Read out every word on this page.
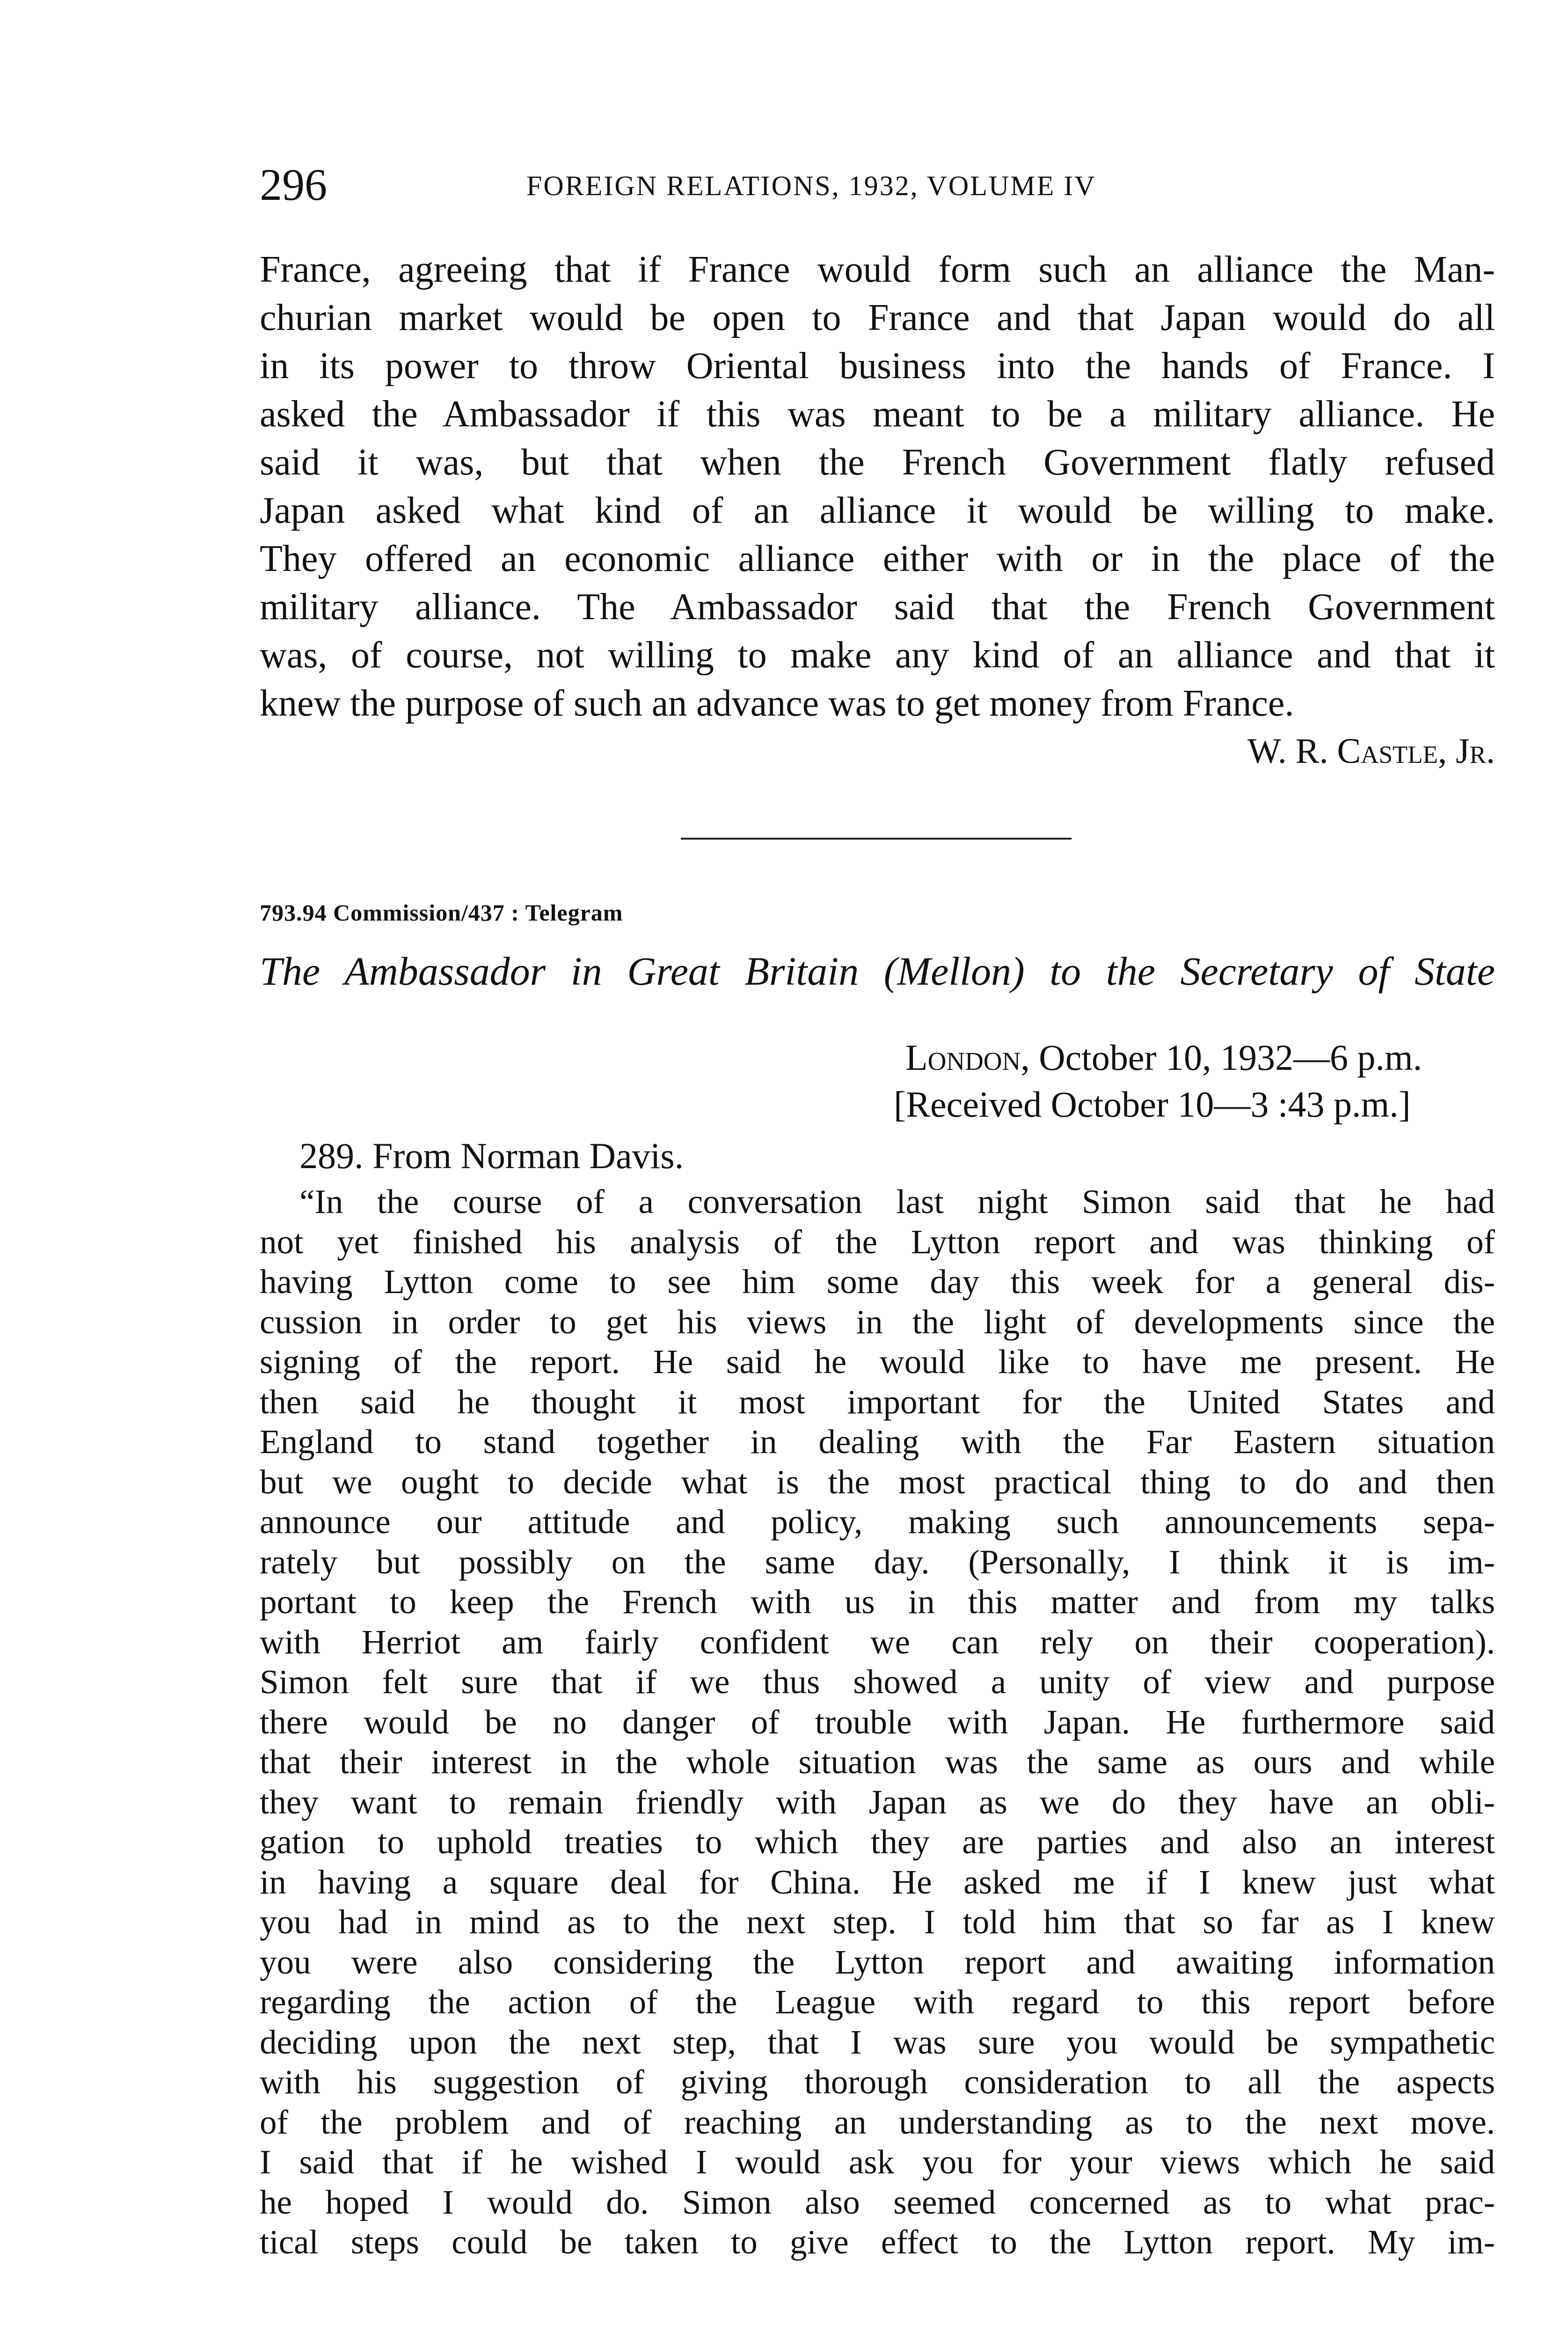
296	FOREIGN RELATIONS, 1932, VOLUME IV
France, agreeing that if France would form such an alliance the Man-
churian market would be open to France and that Japan would do all
in its power to throw Oriental business into the hands of France. I
asked the Ambassador if this was meant to be a military alliance. He
said it was, but that when the French Government flatly refused
Japan asked what kind of an alliance it would be willing to make.
They offered an economic alliance either with or in the place of the
military alliance. The Ambassador said that the French Government
was, of course, not willing to make any kind of an alliance and that it
knew the purpose of such an advance was to get money from France.
W. R. Castle, Jr.
793.94 Commission/437 : Telegram
The Ambassador in Great Britain (Mellon) to the Secretary of State
London, October 10, 1932—6 p.m.
[Received October 10—3 :43 p.m.]
289. From Norman Davis.
“In the course of a conversation last night Simon said that he had
not yet finished his analysis of the Lytton report and was thinking of
having Lytton come to see him some day this week for a general dis-
cussion in order to get his views in the light of developments since the
signing of the report. He said he would like to have me present. He
then said he thought it most important for the United States and
England to stand together in dealing with the Far Eastern situation
but we ought to decide what is the most practical thing to do and then
announce our attitude and policy, making such announcements sepa-
rately but possibly on the same day. (Personally, I think it is im-
portant to keep the French with us in this matter and from my talks
with Herriot am fairly confident we can rely on their cooperation).
Simon felt sure that if we thus showed a unity of view and purpose
there would be no danger of trouble with Japan. He furthermore said
that their interest in the whole situation was the same as ours and while
they want to remain friendly with Japan as we do they have an obli-
gation to uphold treaties to which they are parties and also an interest
in having a square deal for China. He asked me if I knew just what
you had in mind as to the next step. I told him that so far as I knew
you were also considering the Lytton report and awaiting information
regarding the action of the League with regard to this report before
deciding upon the next step, that I was sure you would be sympathetic
with his suggestion of giving thorough consideration to all the aspects
of the problem and of reaching an understanding as to the next move.
I said that if he wished I would ask you for your views which he said
he hoped I would do. Simon also seemed concerned as to what prac-
tical steps could be taken to give effect to the Lytton report. My im-
